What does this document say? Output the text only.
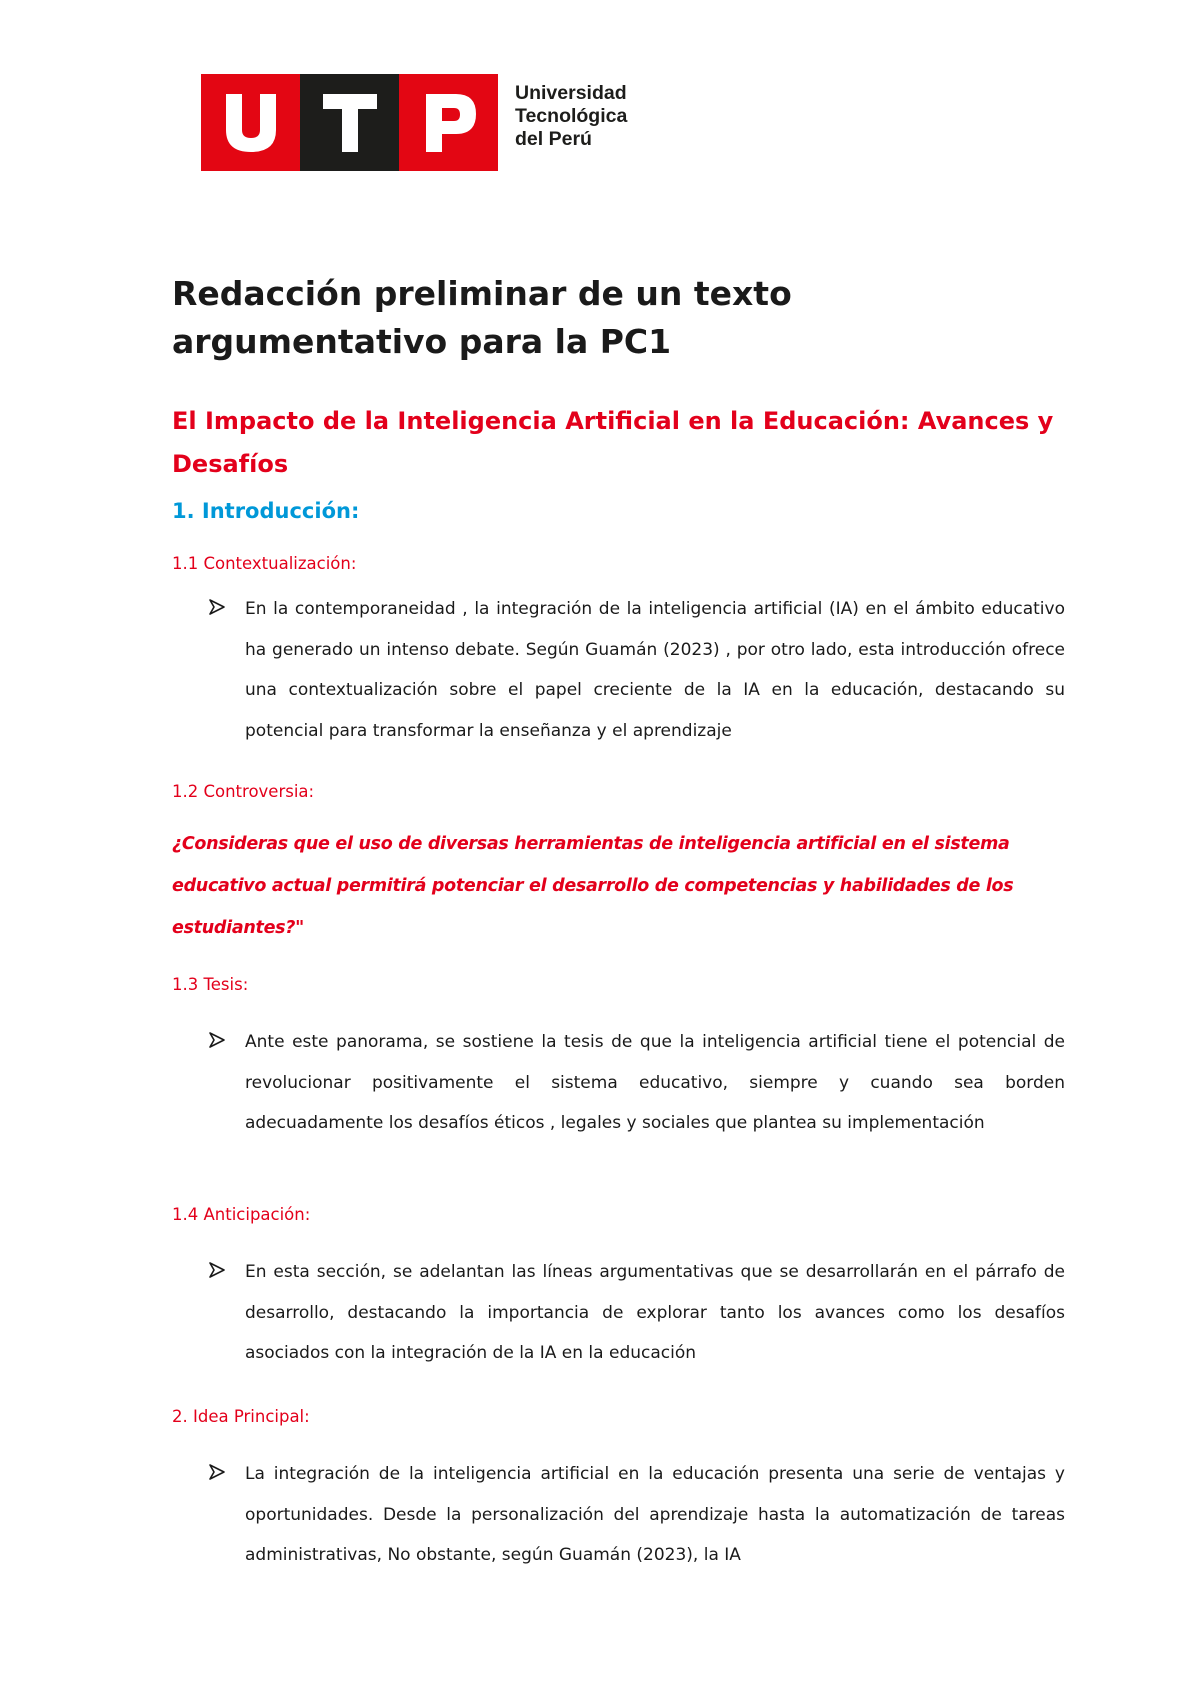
Universidad
Tecnológica
del Perú
Redacción preliminar de un texto argumentativo para la PC1
El Impacto de la Inteligencia Artificial en la Educación: Avances y Desafíos
1. Introducción:
1.1 Contextualización:
En la contemporaneidad , la integración de la inteligencia artificial (IA) en el ámbito educativo ha generado un intenso debate. Según Guamán (2023) , por otro lado, esta introducción ofrece una contextualización sobre el papel creciente de la IA en la educación, destacando su potencial para transformar la enseñanza y el aprendizaje
1.2 Controversia:

¿Consideras que el uso de diversas herramientas de inteligencia artificial en el sistema educativo actual permitirá potenciar el desarrollo de competencias y habilidades de los estudiantes?"

1.3 Tesis:
Ante este panorama, se sostiene la tesis de que la inteligencia artificial tiene el potencial de revolucionar positivamente el sistema educativo, siempre y cuando sea borden adecuadamente los desafíos éticos , legales y sociales que plantea su implementación
1.4 Anticipación:
En esta sección, se adelantan las líneas argumentativas que se desarrollarán en el párrafo de desarrollo, destacando la importancia de explorar tanto los avances como los desafíos asociados con la integración de la IA en la educación
2. Idea Principal:
La integración de la inteligencia artificial en la educación presenta una serie de ventajas y oportunidades. Desde la personalización del aprendizaje hasta la automatización de tareas administrativas, No obstante, según Guamán (2023), la IA
